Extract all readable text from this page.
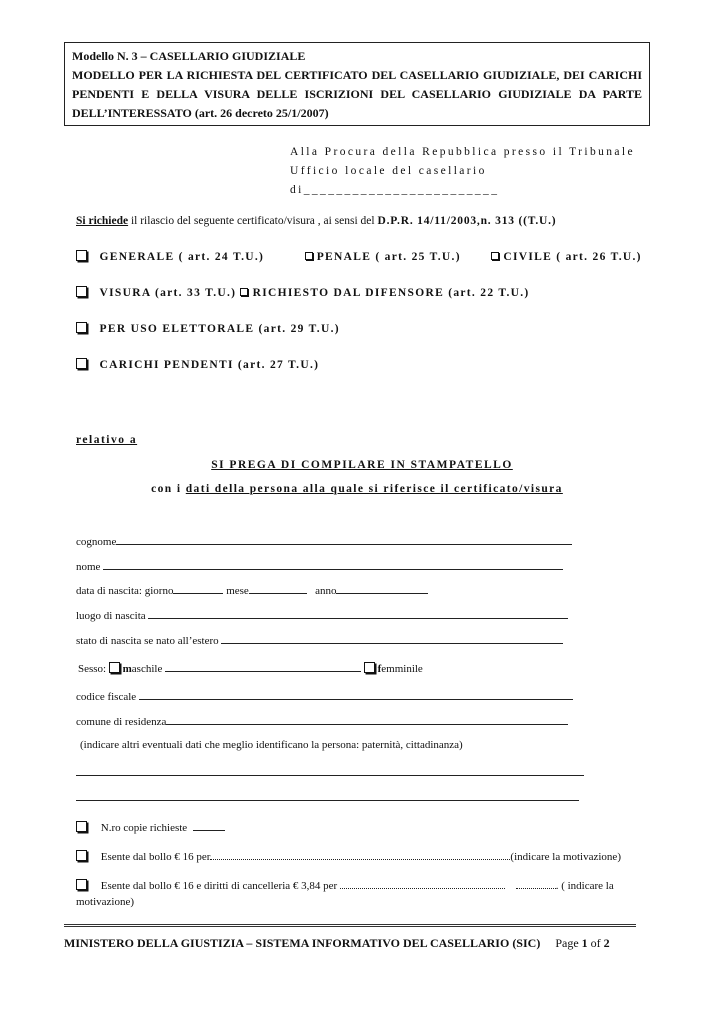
Modello N. 3 – CASELLARIO GIUDIZIALE
MODELLO PER LA RICHIESTA DEL CERTIFICATO DEL CASELLARIO GIUDIZIALE, DEI CARICHI
PENDENTI E DELLA VISURA DELLE ISCRIZIONI DEL CASELLARIO GIUDIZIALE DA PARTE
DELL’INTERESSATO (art. 26 decreto 25/1/2007)
Alla Procura della Repubblica presso il Tribunale
Ufficio locale del casellario
di________________________
Si richiede il rilascio del seguente certificato/visura , ai sensi del D.P.R. 14/11/2003,n. 313 ((T.U.)
GENERALE ( art. 24 T.U.)	PENALE ( art. 25 T.U.)	CIVILE ( art. 26 T.U.)
VISURA (art. 33 T.U.) RICHIESTO DAL DIFENSORE (art. 22 T.U.)
PER USO ELETTORALE (art. 29 T.U.)
CARICHI PENDENTI (art. 27 T.U.)
relativo a
SI PREGA DI COMPILARE IN STAMPATELLO
con i dati della persona alla quale si riferisce il certificato/visura
cognome
nome
data di nascita: giorno	mese	anno
luogo di nascita
stato di nascita se nato all’estero
Sesso: maschile	femminile
codice fiscale
comune di residenza
(indicare altri eventuali dati che meglio identificano la persona: paternità, cittadinanza)
N.ro copie richieste
Esente dal bollo € 16 per	(indicare la motivazione)
Esente dal bollo € 16 e diritti di cancelleria € 3,84 per	. ( indicare la
motivazione)
MINISTERO DELLA GIUSTIZIA – SISTEMA INFORMATIVO DEL CASELLARIO (SIC) Page 1 of 2
